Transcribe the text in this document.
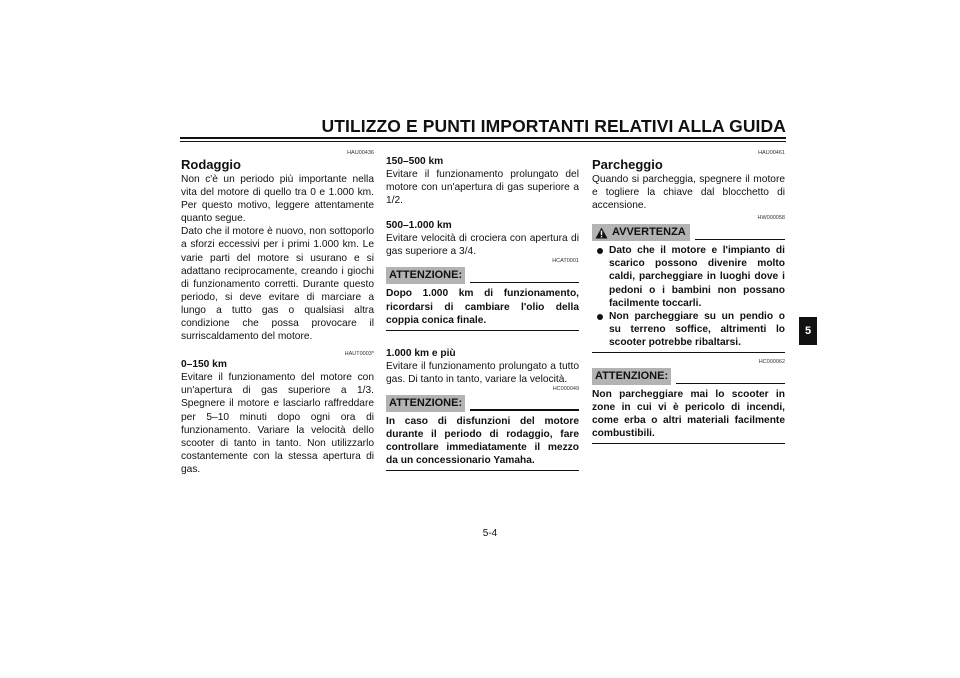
UTILIZZO E PUNTI IMPORTANTI RELATIVI ALLA GUIDA
5
HAU00436
Rodaggio

Non c'è un periodo più importante nella vita del motore di quello tra 0 e 1.000 km. Per questo motivo, leggere attentamente quanto segue.

Dato che il motore è nuovo, non sottoporlo a sforzi eccessivi per i primi 1.000 km. Le varie parti del motore si usurano e si adattano reciprocamente, creando i giochi di funzionamento corretti. Durante questo periodo, si deve evitare di marciare a lungo a tutto gas o qualsiasi altra condizione che possa provocare il surriscaldamento del motore.

HAUT0003*
0–150 km

Evitare il funzionamento del motore con un'apertura di gas superiore a 1/3. Spegnere il motore e lasciarlo raffreddare per 5–10 minuti dopo ogni ora di funzionamento. Variare la velocità dello scooter di tanto in tanto. Non utilizzarlo costantemente con la stessa apertura di gas.

150–500 km

Evitare il funzionamento prolungato del motore con un'apertura di gas superiore a 1/2.

500–1.000 km

Evitare velocità di crociera con apertura di gas superiore a 3/4.

HCAT0001
ATTENZIONE:

Dopo 1.000 km di funzionamento, ricordarsi di cambiare l'olio della coppia conica finale.

1.000 km e più

Evitare il funzionamento prolungato a tutto gas. Di tanto in tanto, variare la velocità.

HC000049
ATTENZIONE:

In caso di disfunzioni del motore durante il periodo di rodaggio, fare controllare immediatamente il mezzo da un concessionario Yamaha.

HAU00461
Parcheggio

Quando si parcheggia, spegnere il motore e togliere la chiave dal blocchetto di accensione.

HW000058
AVVERTENZA
Dato che il motore e l'impianto di scarico possono divenire molto caldi, parcheggiare in luoghi dove i pedoni o i bambini non possano facilmente toccarli.
Non parcheggiare su un pendio o su terreno soffice, altrimenti lo scooter potrebbe ribaltarsi.
HC000062
ATTENZIONE:

Non parcheggiare mai lo scooter in zone in cui vi è pericolo di incendi, come erba o altri materiali facilmente combustibili.

5-4
